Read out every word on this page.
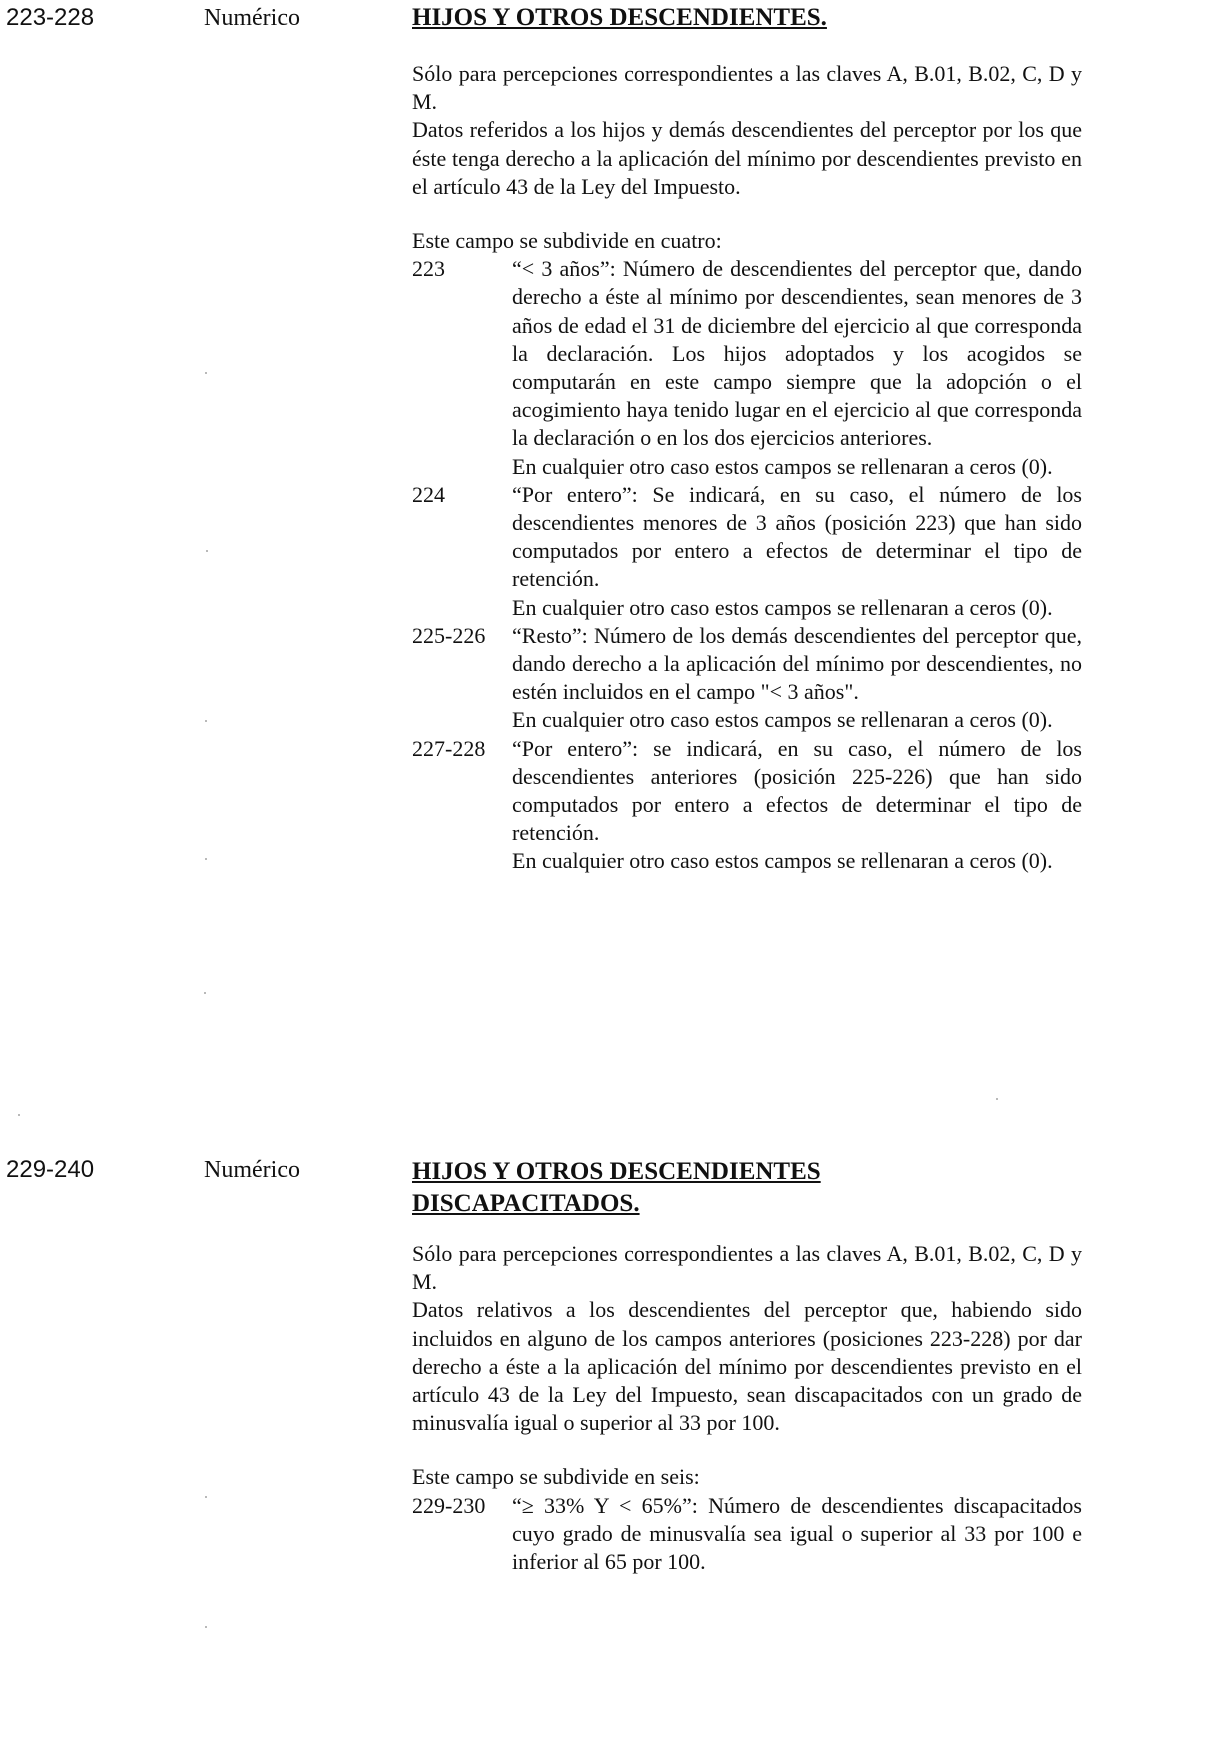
223-228	Numérico	HIJOS Y OTROS DESCENDIENTES.

Sólo para percepciones correspondientes a las claves A, B.01, B.02, C, D y M.

Datos referidos a los hijos y demás descendientes del perceptor por los que éste tenga derecho a la aplicación del mínimo por descendientes previsto en el artículo 43 de la Ley del Impuesto.

Este campo se subdivide en cuatro:

223	“< 3 años”: Número de descendientes del perceptor que, dando derecho a éste al mínimo por descendientes, sean menores de 3 años de edad el 31 de diciembre del ejercicio al que corresponda la declaración. Los hijos adoptados y los acogidos se computarán en este campo siempre que la adopción o el acogimiento haya tenido lugar en el ejercicio al que corresponda la declaración o en los dos ejercicios anteriores.

En cualquier otro caso estos campos se rellenaran a ceros (0).

224	“Por entero”: Se indicará, en su caso, el número de los descendientes menores de 3 años (posición 223) que han sido computados por entero a efectos de determinar el tipo de retención.

En cualquier otro caso estos campos se rellenaran a ceros (0).

225-226	“Resto”: Número de los demás descendientes del perceptor que, dando derecho a la aplicación del mínimo por descendientes, no estén incluidos en el campo "< 3 años".

En cualquier otro caso estos campos se rellenaran a ceros (0).

227-228	“Por entero”: se indicará, en su caso, el número de los descendientes anteriores (posición 225-226) que han sido computados por entero a efectos de determinar el tipo de retención.

En cualquier otro caso estos campos se rellenaran a ceros (0).

229-240	Numérico	HIJOS Y OTROS DESCENDIENTES DISCAPACITADOS.

Sólo para percepciones correspondientes a las claves A, B.01, B.02, C, D y M.

Datos relativos a los descendientes del perceptor que, habiendo sido incluidos en alguno de los campos anteriores (posiciones 223-228) por dar derecho a éste a la aplicación del mínimo por descendientes previsto en el artículo 43 de la Ley del Impuesto, sean discapacitados con un grado de minusvalía igual o superior al 33 por 100.

Este campo se subdivide en seis:

229-230	“≥ 33% Y < 65%”: Número de descendientes discapacitados cuyo grado de minusvalía sea igual o superior al 33 por 100 e inferior al 65 por 100.
